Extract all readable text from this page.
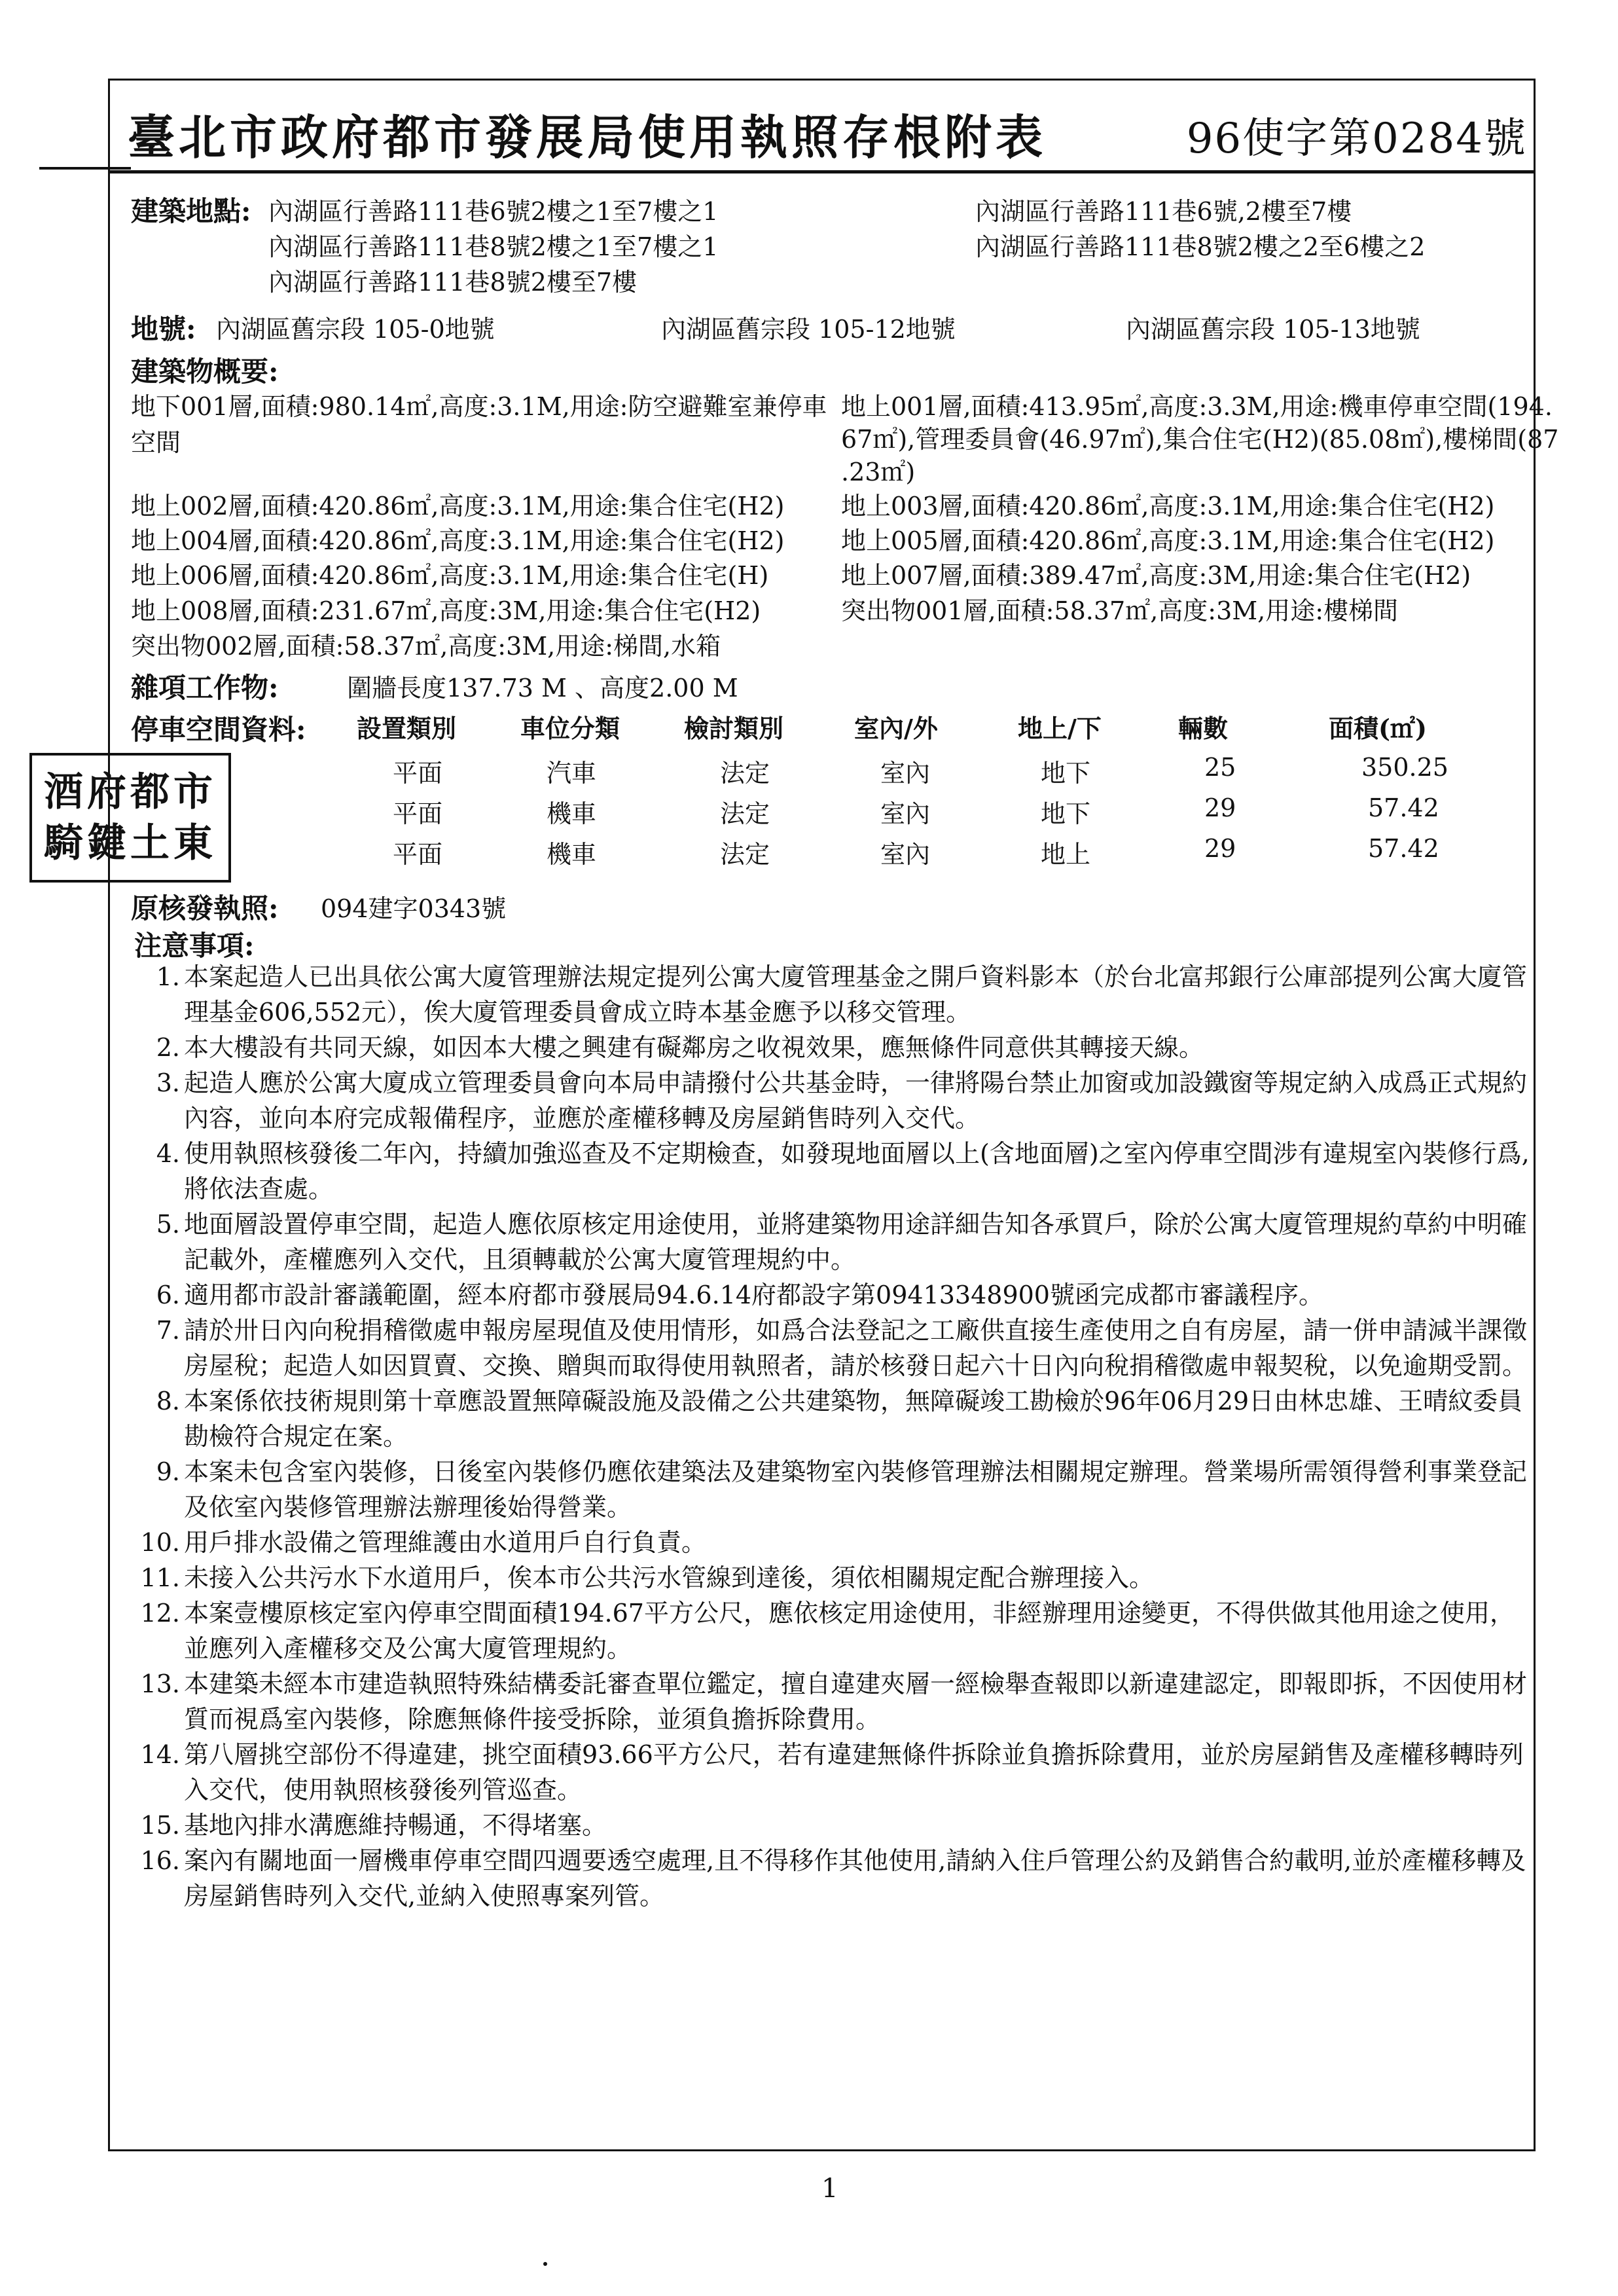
臺北市政府都市發展局使用執照存根附表	96使字第0284號
建築地點: 內湖區行善路111巷6號2樓之1至7樓之1	內湖區行善路111巷6號,2樓至7樓
內湖區行善路111巷8號2樓之1至7樓之1	內湖區行善路111巷8號2樓之2至6樓之2
內湖區行善路111巷8號2樓至7樓
地號: 內湖區舊宗段 105-0地號	內湖區舊宗段 105-12地號	內湖區舊宗段 105-13地號
建築物概要:
地下001層,面積:980.14㎡,高度:3.1M,用途:防空避難室兼停車
空間
地上001層,面積:413.95㎡,高度:3.3M,用途:機車停車空間(194.
67㎡),管理委員會(46.97㎡),集合住宅(H2)(85.08㎡),樓梯間(87
.23㎡)
地上002層,面積:420.86㎡,高度:3.1M,用途:集合住宅(H2) 地上003層,面積:420.86㎡,高度:3.1M,用途:集合住宅(H2)
地上004層,面積:420.86㎡,高度:3.1M,用途:集合住宅(H2) 地上005層,面積:420.86㎡,高度:3.1M,用途:集合住宅(H2)
地上006層,面積:420.86㎡,高度:3.1M,用途:集合住宅(H)	地上007層,面積:389.47㎡,高度:3M,用途:集合住宅(H2)
地上008層,面積:231.67㎡,高度:3M,用途:集合住宅(H2)	突出物001層,面積:58.37㎡,高度:3M,用途:樓梯間
突出物002層,面積:58.37㎡,高度:3M,用途:梯間,水箱
雜項工作物:	圍牆長度137.73 M 、高度2.00 M
停車空間資料: 設置類別	車位分類	檢討類別	室內/外	地上/下	輛數	面積(㎡)
平面	汽車	法定	室內	地下	25	350.25
平面	機車	法定	室內	地下	29	57.42
平面	機車	法定	室內	地上	29	57.42
酒府都市
騎鍵土東
原核發執照: 094建字0343號
注意事項:
1. 本案起造人已出具依公寓大廈管理辦法規定提列公寓大廈管理基金之開戶資料影本（於台北富邦銀行公庫部提列公寓大廈管理基金606,552元），俟大廈管理委員會成立時本基金應予以移交管理。
2. 本大樓設有共同天線，如因本大樓之興建有礙鄰房之收視效果，應無條件同意供其轉接天線。
3. 起造人應於公寓大廈成立管理委員會向本局申請撥付公共基金時，一律將陽台禁止加窗或加設鐵窗等規定納入成爲正式規約內容，並向本府完成報備程序，並應於產權移轉及房屋銷售時列入交代。
4. 使用執照核發後二年內，持續加強巡查及不定期檢查，如發現地面層以上(含地面層)之室內停車空間涉有違規室內裝修行爲,將依法查處。
5. 地面層設置停車空間，起造人應依原核定用途使用，並將建築物用途詳細告知各承買戶，除於公寓大廈管理規約草約中明確記載外，產權應列入交代，且須轉載於公寓大廈管理規約中。
6. 適用都市設計審議範圍，經本府都市發展局94.6.14府都設字第09413348900號函完成都市審議程序。
7. 請於卅日內向稅捐稽徵處申報房屋現值及使用情形，如爲合法登記之工廠供直接生產使用之自有房屋，請一併申請減半課徵房屋稅；起造人如因買賣、交換、贈與而取得使用執照者，請於核發日起六十日內向稅捐稽徵處申報契稅，以免逾期受罰。
8. 本案係依技術規則第十章應設置無障礙設施及設備之公共建築物，無障礙竣工勘檢於96年06月29日由林忠雄、王晴紋委員勘檢符合規定在案。
9. 本案未包含室內裝修，日後室內裝修仍應依建築法及建築物室內裝修管理辦法相關規定辦理。營業場所需領得營利事業登記及依室內裝修管理辦法辦理後始得營業。
10. 用戶排水設備之管理維護由水道用戶自行負責。
11. 未接入公共污水下水道用戶，俟本市公共污水管線到達後，須依相關規定配合辦理接入。
12. 本案壹樓原核定室內停車空間面積194.67平方公尺，應依核定用途使用，非經辦理用途變更，不得供做其他用途之使用，並應列入產權移交及公寓大廈管理規約。
13. 本建築未經本市建造執照特殊結構委託審查單位鑑定，擅自違建夾層一經檢舉查報即以新違建認定，即報即拆，不因使用材質而視爲室內裝修，除應無條件接受拆除，並須負擔拆除費用。
14. 第八層挑空部份不得違建，挑空面積93.66平方公尺，若有違建無條件拆除並負擔拆除費用，並於房屋銷售及產權移轉時列入交代，使用執照核發後列管巡查。
15. 基地內排水溝應維持暢通，不得堵塞。
16. 案內有關地面一層機車停車空間四週要透空處理,且不得移作其他使用,請納入住戶管理公約及銷售合約載明,並於產權移轉及房屋銷售時列入交代,並納入使照專案列管。
1
